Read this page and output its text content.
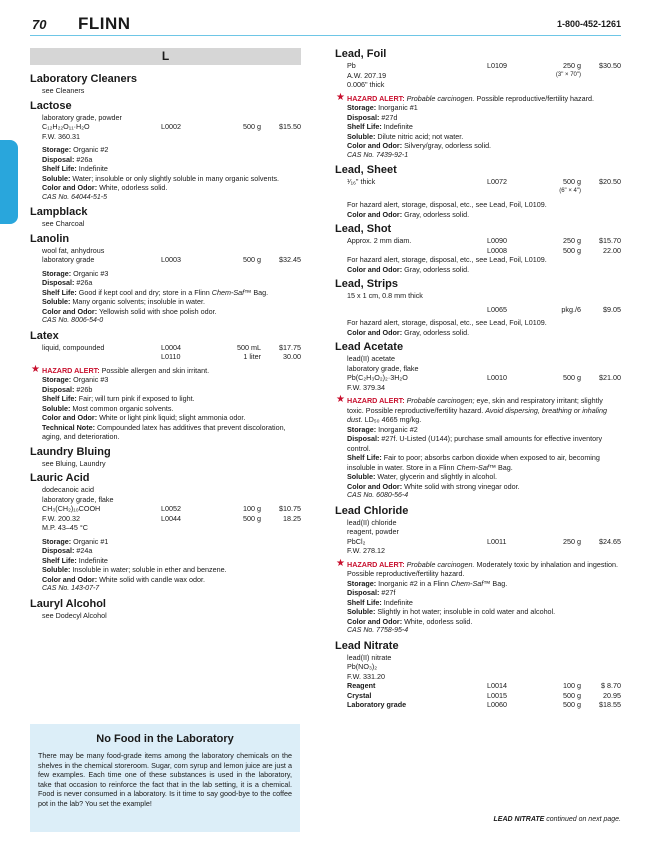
70 FLINN	1-800-452-1261
L
Laboratory Cleaners
see Cleaners
Lactose
laboratory grade, powder
C₁₂H₂₂O₁₁·H₂O	L0002	500 g	$15.50
F.W. 360.31
Storage: Organic #2
Disposal: #26a
Shelf Life: Indefinite
Soluble: Water; insoluble or only slightly soluble in many organic solvents.
Color and Odor: White, odorless solid.
CAS No. 64044-51-5
Lampblack
see Charcoal
Lanolin
wool fat, anhydrous
laboratory grade	L0003	500 g	$32.45
Storage: Organic #3
Disposal: #26a
Shelf Life: Good if kept cool and dry; store in a Flinn Chem-Saf™ Bag.
Soluble: Many organic solvents; insoluble in water.
Color and Odor: Yellowish solid with shoe polish odor.
CAS No. 8006-54-0
Latex
liquid, compounded	L0004	500 mL	$17.75
L0110	1 liter	30.00
★ HAZARD ALERT: Possible allergen and skin irritant.
Storage: Organic #3
Disposal: #26b
Shelf Life: Fair; will turn pink if exposed to light.
Soluble: Most common organic solvents.
Color and Odor: White or light pink liquid; slight ammonia odor.
Technical Note: Compounded latex has additives that prevent discoloration, aging, and deterioration.
Laundry Bluing
see Bluing, Laundry
Lauric Acid
dodecanoic acid
laboratory grade, flake
CH₃(CH₂)₁₀COOH	L0052	100 g	$10.75
F.W. 200.32	L0044	500 g	18.25
M.P. 43–45 °C
Storage: Organic #1
Disposal: #24a
Shelf Life: Indefinite
Soluble: Insoluble in water; soluble in ether and benzene.
Color and Odor: White solid with candle wax odor.
CAS No. 143-07-7
Lauryl Alcohol
see Dodecyl Alcohol
No Food in the Laboratory
There may be many food-grade items among the laboratory chemicals on the shelves in the chemical storeroom. Sugar, corn syrup and lemon juice are just a few examples. Each time one of these substances is used in the laboratory, take that occasion to reinforce the fact that in the lab setting, it is a chemical. Food is never consumed in a laboratory. Is it time to say good-bye to the coffee pot in the lab? You set the example!
Lead, Foil
Pb	L0109	250 g	$30.50
A.W. 207.19	(3" × 70")
0.006" thick
★ HAZARD ALERT: Probable carcinogen. Possible reproductive/fertility hazard.
Storage: Inorganic #1
Disposal: #27d
Shelf Life: Indefinite
Soluble: Dilute nitric acid; not water.
Color and Odor: Silvery/gray, odorless solid.
CAS No. 7439-92-1
Lead, Sheet
¹⁄₁₆" thick	L0072	500 g	$20.50
(6" × 4")
For hazard alert, storage, disposal, etc., see Lead, Foil, L0109.
Color and Odor: Gray, odorless solid.
Lead, Shot
Approx. 2 mm diam.	L0090	250 g	$15.70
L0008	500 g	22.00
For hazard alert, storage, disposal, etc., see Lead, Foil, L0109.
Color and Odor: Gray, odorless solid.
Lead, Strips
15 x 1 cm, 0.8 mm thick
L0065	pkg./6	$9.05
For hazard alert, storage, disposal, etc., see Lead, Foil, L0109.
Color and Odor: Gray, odorless solid.
Lead Acetate
lead(II) acetate
laboratory grade, flake
Pb(C₂H₃O₂)₂·3H₂O	L0010	500 g	$21.00
F.W. 379.34
★ HAZARD ALERT: Probable carcinogen; eye, skin and respiratory irritant; slightly toxic. Possible reproductive/fertility hazard. Avoid dispersing, breathing or inhaling dust. LD₅₀ 4665 mg/kg.
Storage: Inorganic #2
Disposal: #27f. U-Listed (U144); purchase small amounts for effective inventory control.
Shelf Life: Fair to poor; absorbs carbon dioxide when exposed to air, becoming insoluble in water. Store in a Flinn Chem-Saf™ Bag.
Soluble: Water, glycerin and slightly in alcohol.
Color and Odor: White solid with strong vinegar odor.
CAS No. 6080-56-4
Lead Chloride
lead(II) chloride
reagent, powder
PbCl₂	L0011	250 g	$24.65
F.W. 278.12
★ HAZARD ALERT: Probable carcinogen. Moderately toxic by inhalation and ingestion. Possible reproductive/fertility hazard.
Storage: Inorganic #2 in a Flinn Chem-Saf™ Bag.
Disposal: #27f
Shelf Life: Indefinite
Soluble: Slightly in hot water; insoluble in cold water and alcohol.
Color and Odor: White, odorless solid.
CAS No. 7758-95-4
Lead Nitrate
lead(II) nitrate
Pb(NO₃)₂
F.W. 331.20
Reagent	L0014	100 g	$ 8.70
Crystal	L0015	500 g	20.95
Laboratory grade	L0060	500 g	$18.55
LEAD NITRATE continued on next page.
